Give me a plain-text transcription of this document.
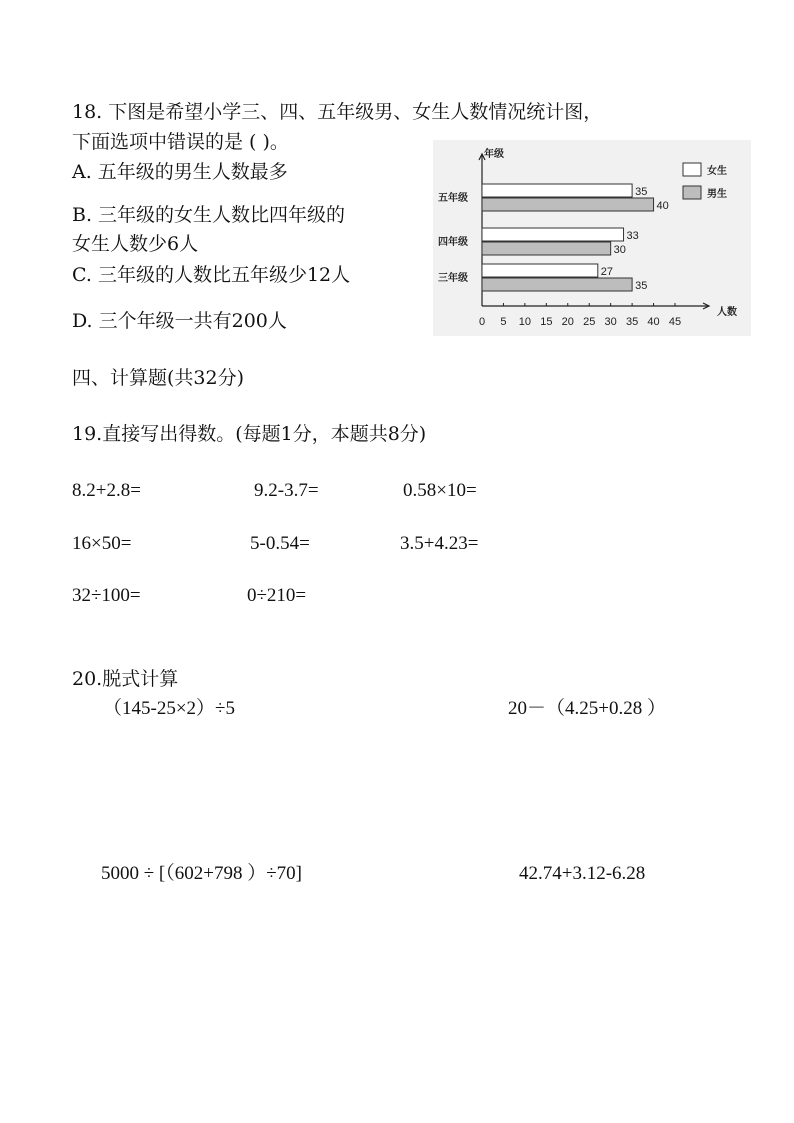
18. 下图是希望小学三、四、五年级男、女生人数情况统计图，
下面选项中错误的是 ( )。
A. 五年级的男生人数最多
B. 三年级的女生人数比四年级的
女生人数少6人
C. 三年级的人数比五年级少12人
D. 三个年级一共有200人
年级
人数
0 5 10 15 20 25 30 35 40 45
五年级
35
40
四年级
33
30
三年级
27
35
女生
男生
四、计算题(共32分)
19.直接写出得数。(每题1分，本题共8分)
8.2+2.8=	9.2-3.7=	0.58×10=
16×50=	5-0.54=	3.5+4.23=
32÷100=	0÷210=
20.脱式计算
（145-25×2）÷5	20－（4.25+0.28 ）
5000 ÷ [（602+798 ）÷70]	42.74+3.12-6.28
